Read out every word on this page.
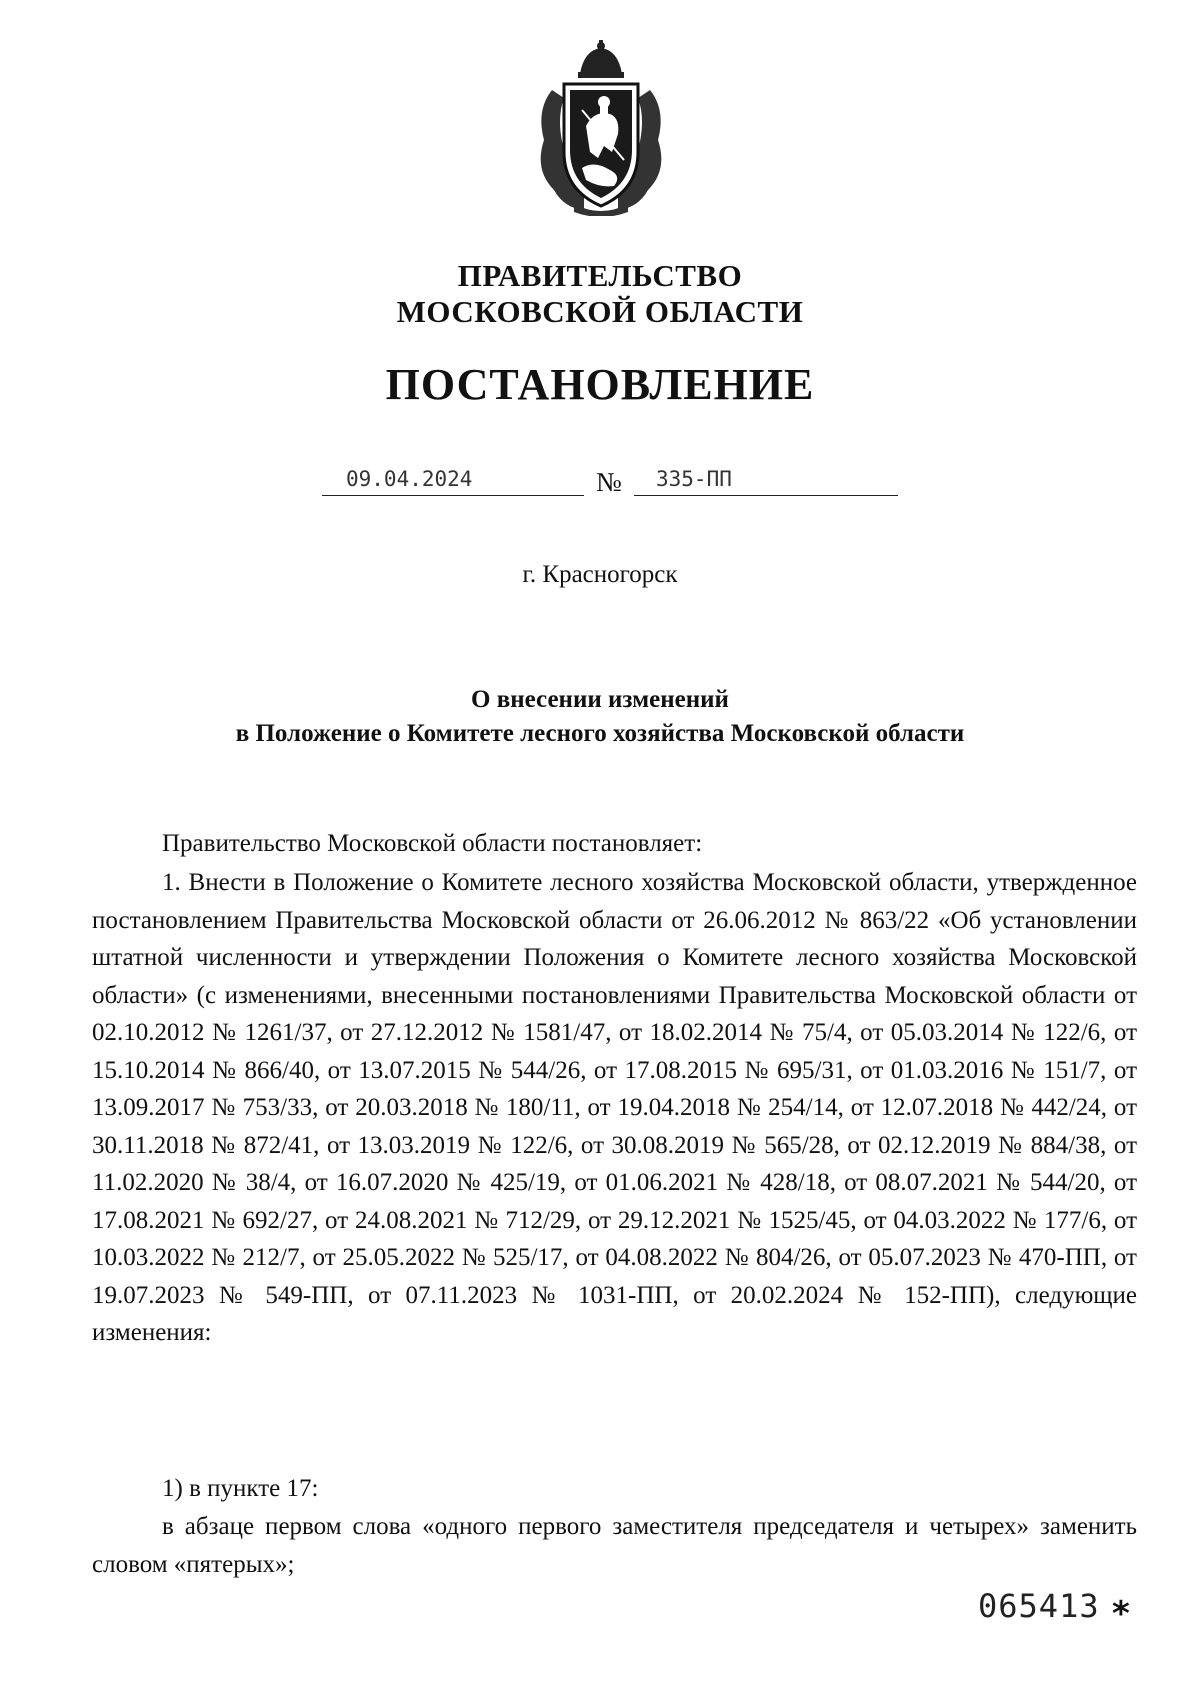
ПРАВИТЕЛЬСТВО
МОСКОВСКОЙ ОБЛАСТИ
ПОСТАНОВЛЕНИЕ
09.04.2024	№	335-ПП
г. Красногорск
О внесении изменений
в Положение о Комитете лесного хозяйства Московской области
Правительство Московской области постановляет:
1. Внести в Положение о Комитете лесного хозяйства Московской области, утвержденное постановлением Правительства Московской области от 26.06.2012 № 863/22 «Об установлении штатной численности и утверждении Положения о Комитете лесного хозяйства Московской области» (с изменениями, внесенными постановлениями Правительства Московской области от 02.10.2012 № 1261/37, от 27.12.2012 № 1581/47, от 18.02.2014 № 75/4, от 05.03.2014 № 122/6, от 15.10.2014 № 866/40, от 13.07.2015 № 544/26, от 17.08.2015 № 695/31, от 01.03.2016 № 151/7, от 13.09.2017 № 753/33, от 20.03.2018 № 180/11, от 19.04.2018 № 254/14, от 12.07.2018 № 442/24, от 30.11.2018 № 872/41, от 13.03.2019 № 122/6, от 30.08.2019 № 565/28, от 02.12.2019 № 884/38, от 11.02.2020 № 38/4, от 16.07.2020 № 425/19, от 01.06.2021 № 428/18, от 08.07.2021 № 544/20, от 17.08.2021 № 692/27, от 24.08.2021 № 712/29, от 29.12.2021 № 1525/45, от 04.03.2022 № 177/6, от 10.03.2022 № 212/7, от 25.05.2022 № 525/17, от 04.08.2022 № 804/26, от 05.07.2023 № 470-ПП, от 19.07.2023 № 549-ПП, от 07.11.2023 № 1031-ПП, от 20.02.2024 № 152-ПП), следующие изменения:
1) в пункте 17:
в абзаце первом слова «одного первого заместителя председателя и четырех» заменить словом «пятерых»;
065413 *
